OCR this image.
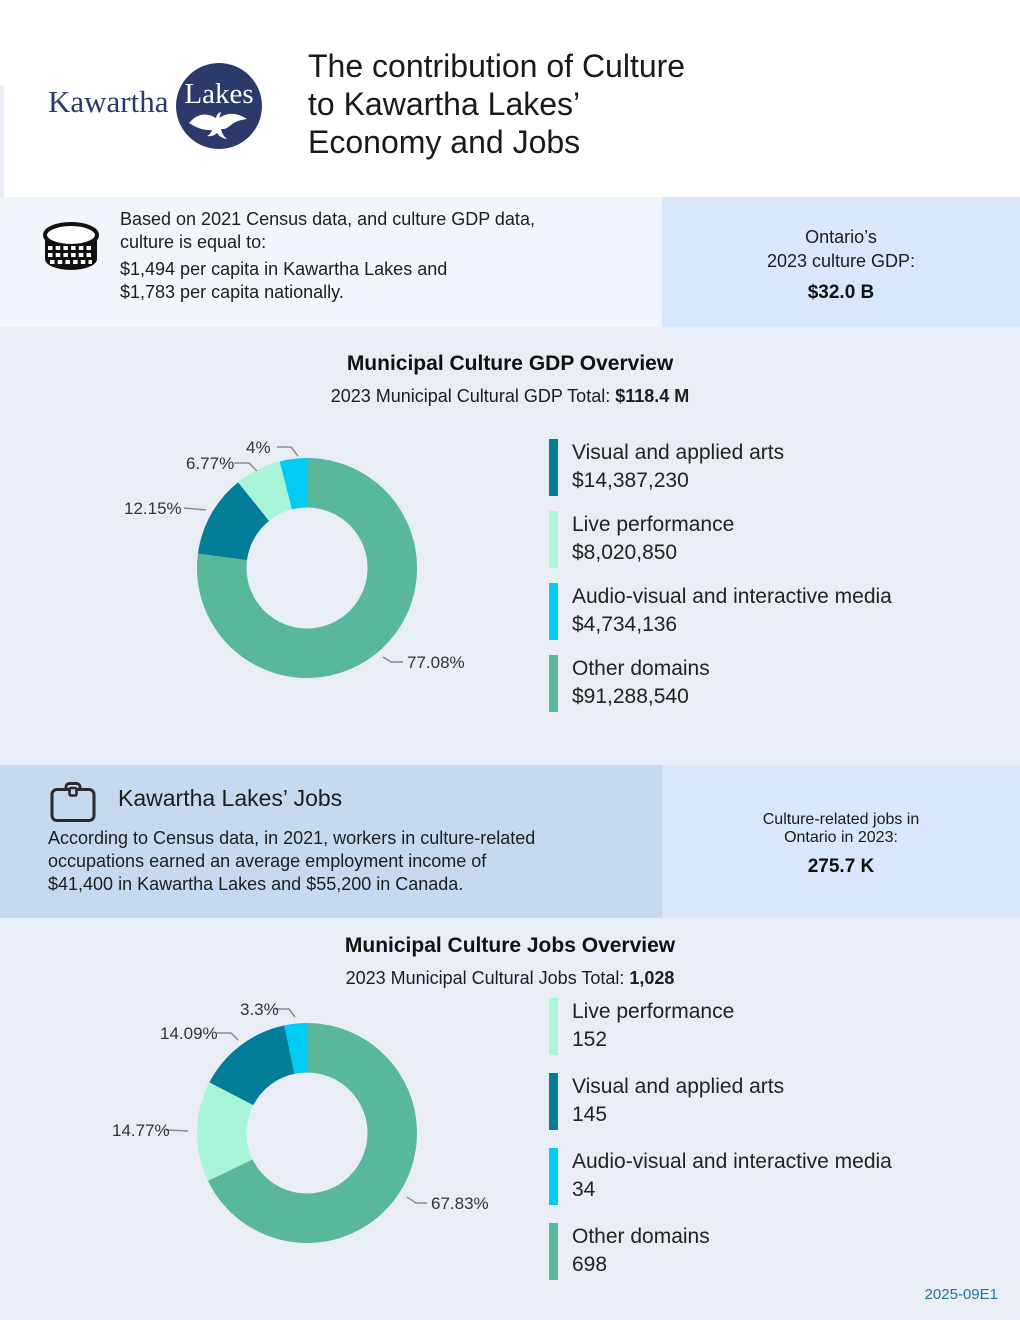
Kawartha Lakes
The contribution of Culture
to Kawartha Lakes’
Economy and Jobs
Based on 2021 Census data, and culture GDP data,
culture is equal to:
$1,494 per capita in Kawartha Lakes and
$1,783 per capita nationally.
Ontario’s
2023 culture GDP:
$32.0 B
Municipal Culture GDP Overview
2023 Municipal Cultural GDP Total: $118.4 M
4%
6.77%
12.15%
77.08%
Visual and applied arts
$14,387,230
Live performance
$8,020,850
Audio-visual and interactive media
$4,734,136
Other domains
$91,288,540
Kawartha Lakes’ Jobs
According to Census data, in 2021, workers in culture-related
occupations earned an average employment income of
$41,400 in Kawartha Lakes and $55,200 in Canada.
Culture-related jobs in
Ontario in 2023:
275.7 K
Municipal Culture Jobs Overview
2023 Municipal Cultural Jobs Total: 1,028
3.3%
14.09%
14.77%
67.83%
Live performance
152
Visual and applied arts
145
Audio-visual and interactive media
34
Other domains
698
2025-09E1
